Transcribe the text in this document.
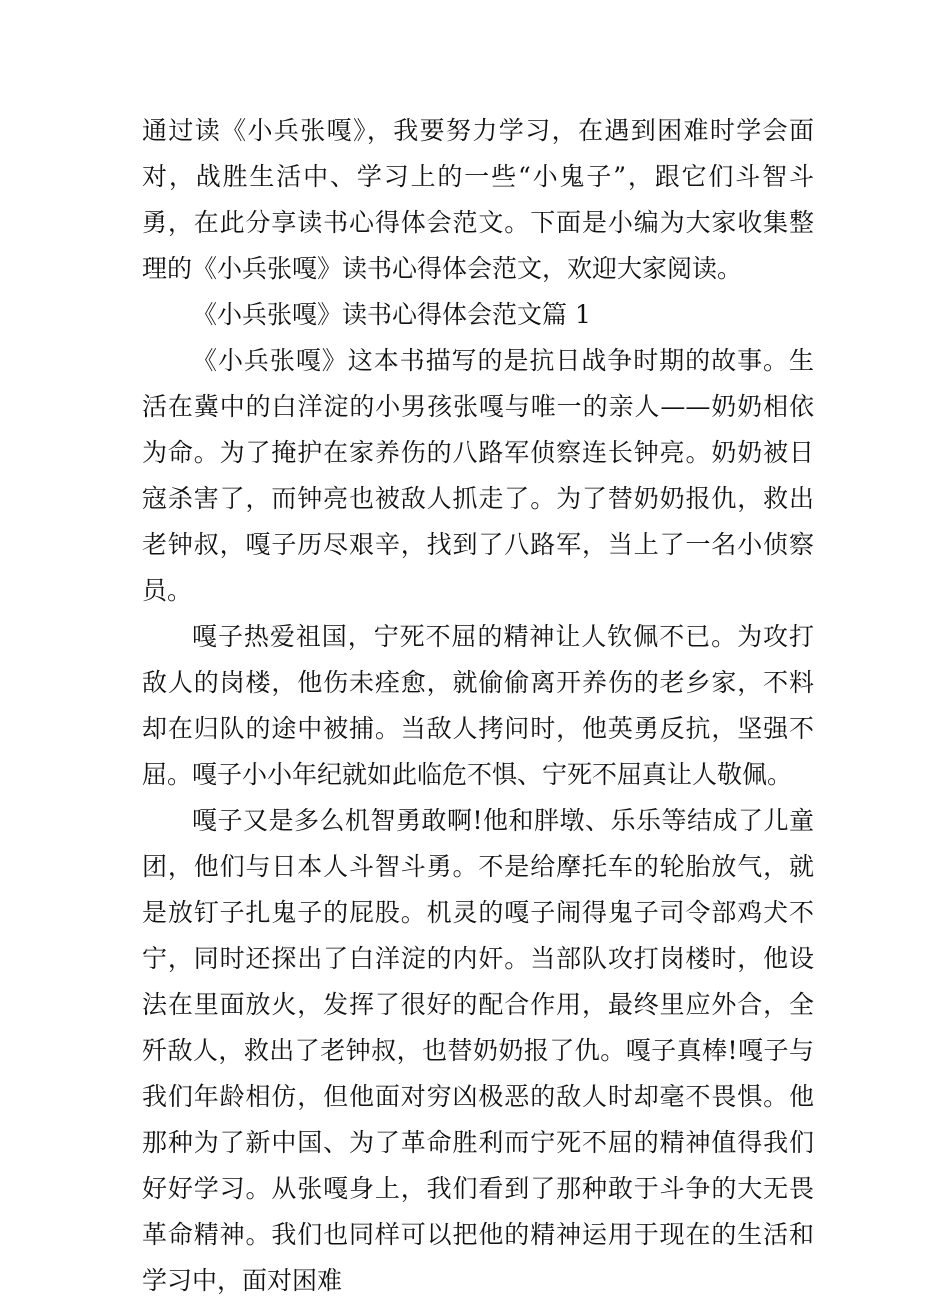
通过读《小兵张嘎》，我要努力学习，在遇到困难时学会面对，战胜生活中、学习上的一些“小鬼子”，跟它们斗智斗勇，在此分享读书心得体会范文。下面是小编为大家收集整理的《小兵张嘎》读书心得体会范文，欢迎大家阅读。

《小兵张嘎》读书心得体会范文篇 1

《小兵张嘎》这本书描写的是抗日战争时期的故事。生活在冀中的白洋淀的小男孩张嘎与唯一的亲人——奶奶相依为命。为了掩护在家养伤的八路军侦察连长钟亮。奶奶被日寇杀害了，而钟亮也被敌人抓走了。为了替奶奶报仇，救出老钟叔，嘎子历尽艰辛，找到了八路军，当上了一名小侦察员。

嘎子热爱祖国，宁死不屈的精神让人钦佩不已。为攻打敌人的岗楼，他伤未痊愈，就偷偷离开养伤的老乡家，不料却在归队的途中被捕。当敌人拷问时，他英勇反抗，坚强不屈。嘎子小小年纪就如此临危不惧、宁死不屈真让人敬佩。

嘎子又是多么机智勇敢啊!他和胖墩、乐乐等结成了儿童团，他们与日本人斗智斗勇。不是给摩托车的轮胎放气，就是放钉子扎鬼子的屁股。机灵的嘎子闹得鬼子司令部鸡犬不宁，同时还探出了白洋淀的内奸。当部队攻打岗楼时，他设法在里面放火，发挥了很好的配合作用，最终里应外合，全歼敌人，救出了老钟叔，也替奶奶报了仇。嘎子真棒!嘎子与我们年龄相仿，但他面对穷凶极恶的敌人时却毫不畏惧。他那种为了新中国、为了革命胜利而宁死不屈的精神值得我们好好学习。从张嘎身上，我们看到了那种敢于斗争的大无畏革命精神。我们也同样可以把他的精神运用于现在的生活和学习中，面对困难
